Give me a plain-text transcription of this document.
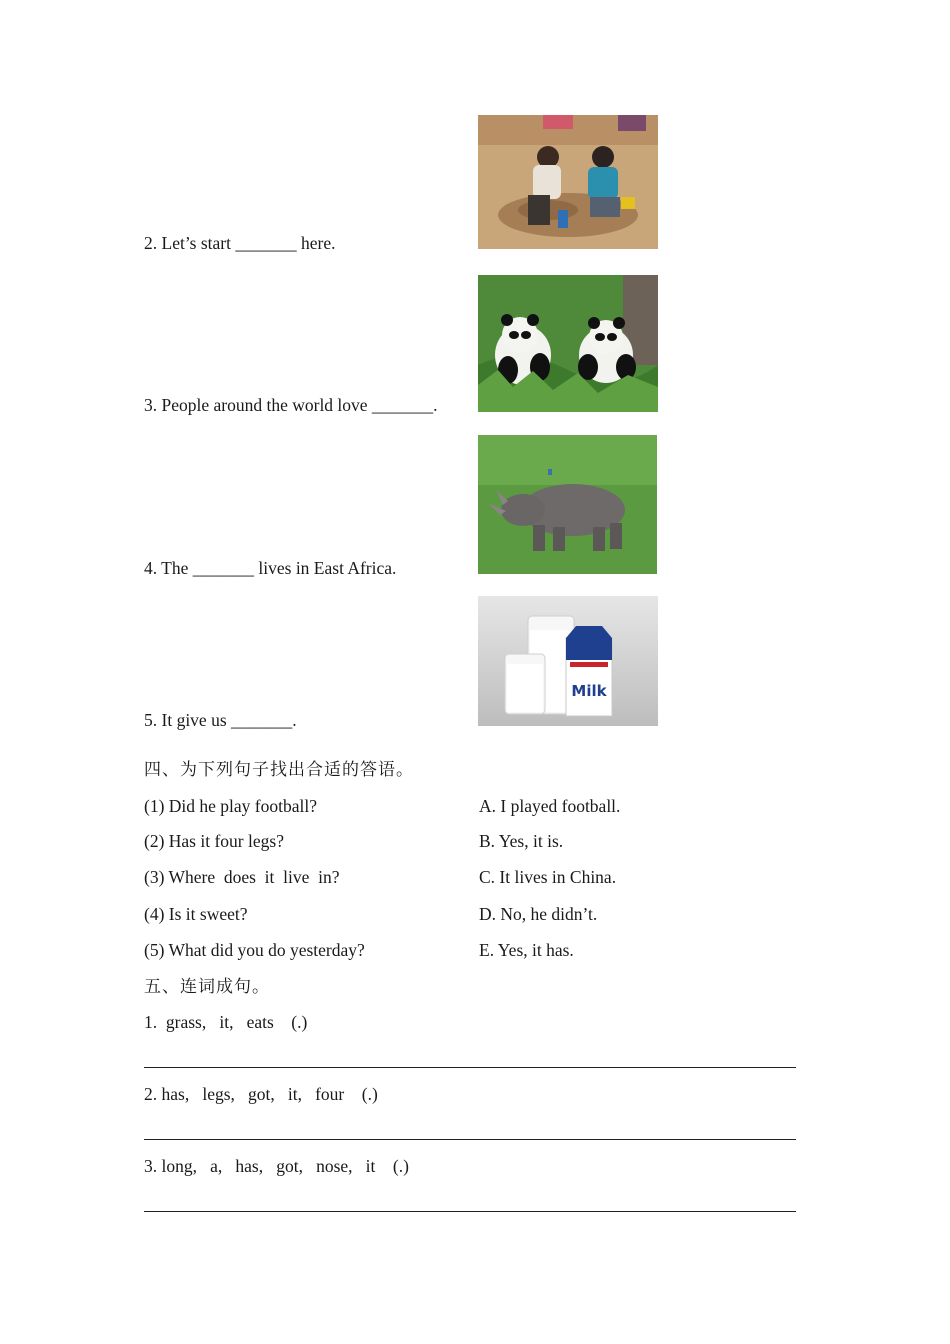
Milk
2. Let’s start _______ here.
3. People around the world love _______.
4. The _______ lives in East Africa.
5. It give us _______.
四、为下列句子找出合适的答语。
(1) Did he play football?
(2) Has it four legs?
(3) Where  does  it  live  in?
(4) Is it sweet?
(5) What did you do yesterday?
A. I played football.
B. Yes, it is.
C. It lives in China.
D. No, he didn’t.
E. Yes, it has.
五、连词成句。
1.  grass,   it,   eats    (.)
2. has,   legs,   got,   it,   four    (.)
3. long,   a,   has,   got,   nose,   it    (.)
